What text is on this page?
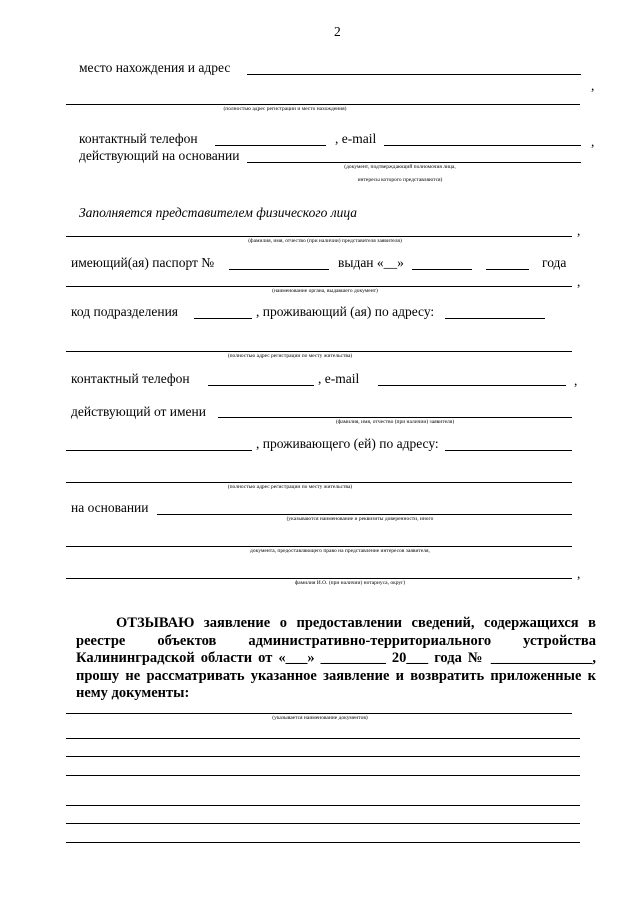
2
место нахождения и адрес
,
(полностью адрес регистрации и место нахождения)
контактный телефон	, e-mail	,
действующий на основании
(документ, подтверждающий полномочия лица,
интересы которого представляются)
Заполняется представителем физического лица
,
(фамилия, имя, отчество (при наличии) представителя заявителя)
имеющий(ая) паспорт №	выдан «__»	года
,
(наименование органа, выдавшего документ)
код подразделения	, проживающий (ая) по адресу:
(полностью адрес регистрации по месту жительства)
контактный телефон	, e-mail	,
действующий от имени
(фамилия, имя, отчество (при наличии) заявителя)
, проживающего (ей) по адресу:
(полностью адрес регистрации по месту жительства)
на основании
(указываются наименование и реквизиты доверенности, иного
документа, предоставляющего право на представление интересов заявителя,
,
фамилия И.О. (при наличии) нотариуса, округ)
ОТЗЫВАЮ заявление о предоставлении сведений, содержащихся в
реестре объектов административно-территориального устройства
Калининградской области от «___» _________ 20___ года № ______________,
прошу не рассматривать указанное заявление и возвратить приложенные к
нему документы:
(указывается наименование документов)
